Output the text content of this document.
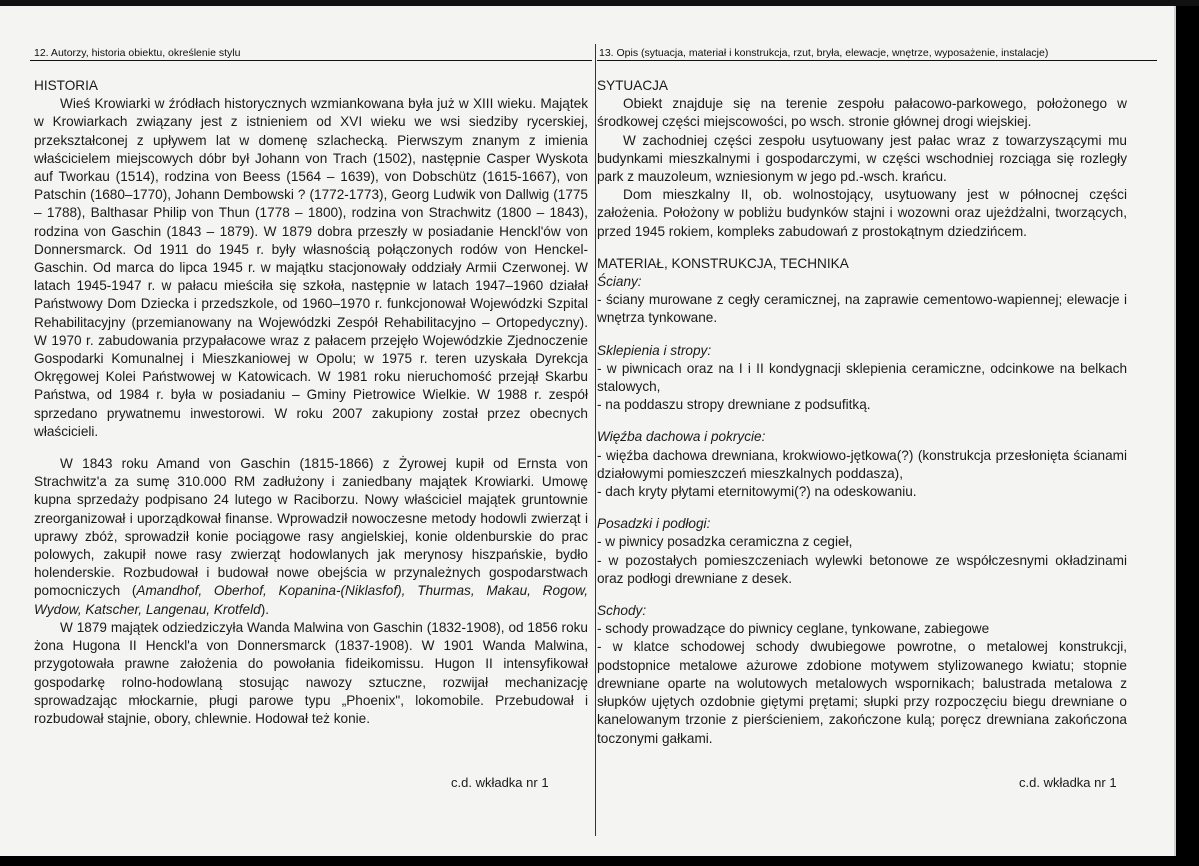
12. Autorzy, historia obiektu, określenie stylu	13. Opis (sytuacja, materiał i konstrukcja, rzut, bryła, elewacje, wnętrze, wyposażenie, instalacje)

HISTORIA

Wieś Krowiarki w źródłach historycznych wzmiankowana była już w XIII wieku. Majątek w Krowiarkach związany jest z istnieniem od XVI wieku we wsi siedziby rycerskiej, przekształconej z upływem lat w domenę szlachecką. Pierwszym znanym z imienia właścicielem miejscowych dóbr był Johann von Trach (1502), następnie Casper Wyskota auf Tworkau (1514), rodzina von Beess (1564 – 1639), von Dobschütz (1615-1667), von Patschin (1680–1770), Johann Dembowski ? (1772-1773), Georg Ludwik von Dallwig (1775 – 1788), Balthasar Philip von Thun (1778 – 1800), rodzina von Strachwitz (1800 – 1843), rodzina von Gaschin (1843 – 1879). W 1879 dobra przeszły w posiadanie Henckl'ów von Donnersmarck. Od 1911 do 1945 r. były własnością połączonych rodów von Henckel-Gaschin. Od marca do lipca 1945 r. w majątku stacjonowały oddziały Armii Czerwonej. W latach 1945-1947 r. w pałacu mieściła się szkoła, następnie w latach 1947–1960 działał Państwowy Dom Dziecka i przedszkole, od 1960–1970 r. funkcjonował Wojewódzki Szpital Rehabilitacyjny (przemianowany na Wojewódzki Zespół Rehabilitacyjno – Ortopedyczny). W 1970 r. zabudowania przypałacowe wraz z pałacem przejęło Wojewódzkie Zjednoczenie Gospodarki Komunalnej i Mieszkaniowej w Opolu; w 1975 r. teren uzyskała Dyrekcja Okręgowej Kolei Państwowej w Katowicach. W 1981 roku nieruchomość przejął Skarbu Państwa, od 1984 r. była w posiadaniu – Gminy Pietrowice Wielkie. W 1988 r. zespół sprzedano prywatnemu inwestorowi. W roku 2007 zakupiony został przez obecnych właścicieli.

W 1843 roku Amand von Gaschin (1815-1866) z Żyrowej kupił od Ernsta von Strachwitz'a za sumę 310.000 RM zadłużony i zaniedbany majątek Krowiarki. Umowę kupna sprzedaży podpisano 24 lutego w Raciborzu. Nowy właściciel majątek gruntownie zreorganizował i uporządkował finanse. Wprowadził nowoczesne metody hodowli zwierząt i uprawy zbóż, sprowadził konie pociągowe rasy angielskiej, konie oldenburskie do prac polowych, zakupił nowe rasy zwierząt hodowlanych jak merynosy hiszpańskie, bydło holenderskie. Rozbudował i budował nowe obejścia w przynależnych gospodarstwach pomocniczych (Amandhof, Oberhof, Kopanina-(Niklasfof), Thurmas, Makau, Rogow, Wydow, Katscher, Langenau, Krotfeld).

W 1879 majątek odziedziczyła Wanda Malwina von Gaschin (1832-1908), od 1856 roku żona Hugona II Henckl'a von Donnersmarck (1837-1908). W 1901 Wanda Malwina, przygotowała prawne założenia do powołania fideikomissu. Hugon II intensyfikował gospodarkę rolno-hodowlaną stosując nawozy sztuczne, rozwijał mechanizację sprowadzając młockarnie, pługi parowe typu „Phoenix", lokomobile. Przebudował i rozbudował stajnie, obory, chlewnie. Hodował też konie.

c.d. wkładka nr 1

SYTUACJA

Obiekt znajduje się na terenie zespołu pałacowo-parkowego, położonego w środkowej części miejscowości, po wsch. stronie głównej drogi wiejskiej.

W zachodniej części zespołu usytuowany jest pałac wraz z towarzyszącymi mu budynkami mieszkalnymi i gospodarczymi, w części wschodniej rozciąga się rozległy park z mauzoleum, wzniesionym w jego pd.-wsch. krańcu.

Dom mieszkalny II, ob. wolnostojący, usytuowany jest w północnej części założenia. Położony w pobliżu budynków stajni i wozowni oraz ujeżdżalni, tworzących, przed 1945 rokiem, kompleks zabudowań z prostokątnym dziedzińcem.

MATERIAŁ, KONSTRUKCJA, TECHNIKA

Ściany:

- ściany murowane z cegły ceramicznej, na zaprawie cementowo-wapiennej; elewacje i wnętrza tynkowane.

Sklepienia i stropy:

- w piwnicach oraz na I i II kondygnacji sklepienia ceramiczne, odcinkowe na belkach stalowych,

- na poddaszu stropy drewniane z podsufitką.

Więźba dachowa i pokrycie:

- więźba dachowa drewniana, krokwiowo-jętkowa(?) (konstrukcja przesłonięta ścianami działowymi pomieszczeń mieszkalnych poddasza),

- dach kryty płytami eternitowymi(?) na odeskowaniu.

Posadzki i podłogi:

- w piwnicy posadzka ceramiczna z cegieł,

- w pozostałych pomieszczeniach wylewki betonowe ze współczesnymi okładzinami oraz podłogi drewniane z desek.

Schody:

- schody prowadzące do piwnicy ceglane, tynkowane, zabiegowe

- w klatce schodowej schody dwubiegowe powrotne, o metalowej konstrukcji, podstopnice metalowe ażurowe zdobione motywem stylizowanego kwiatu; stopnie drewniane oparte na wolutowych metalowych wspornikach; balustrada metalowa z słupków ujętych ozdobnie giętymi prętami; słupki przy rozpoczęciu biegu drewniane o kanelowanym trzonie z pierścieniem, zakończone kulą; poręcz drewniana zakończona toczonymi gałkami.

c.d. wkładka nr 1
